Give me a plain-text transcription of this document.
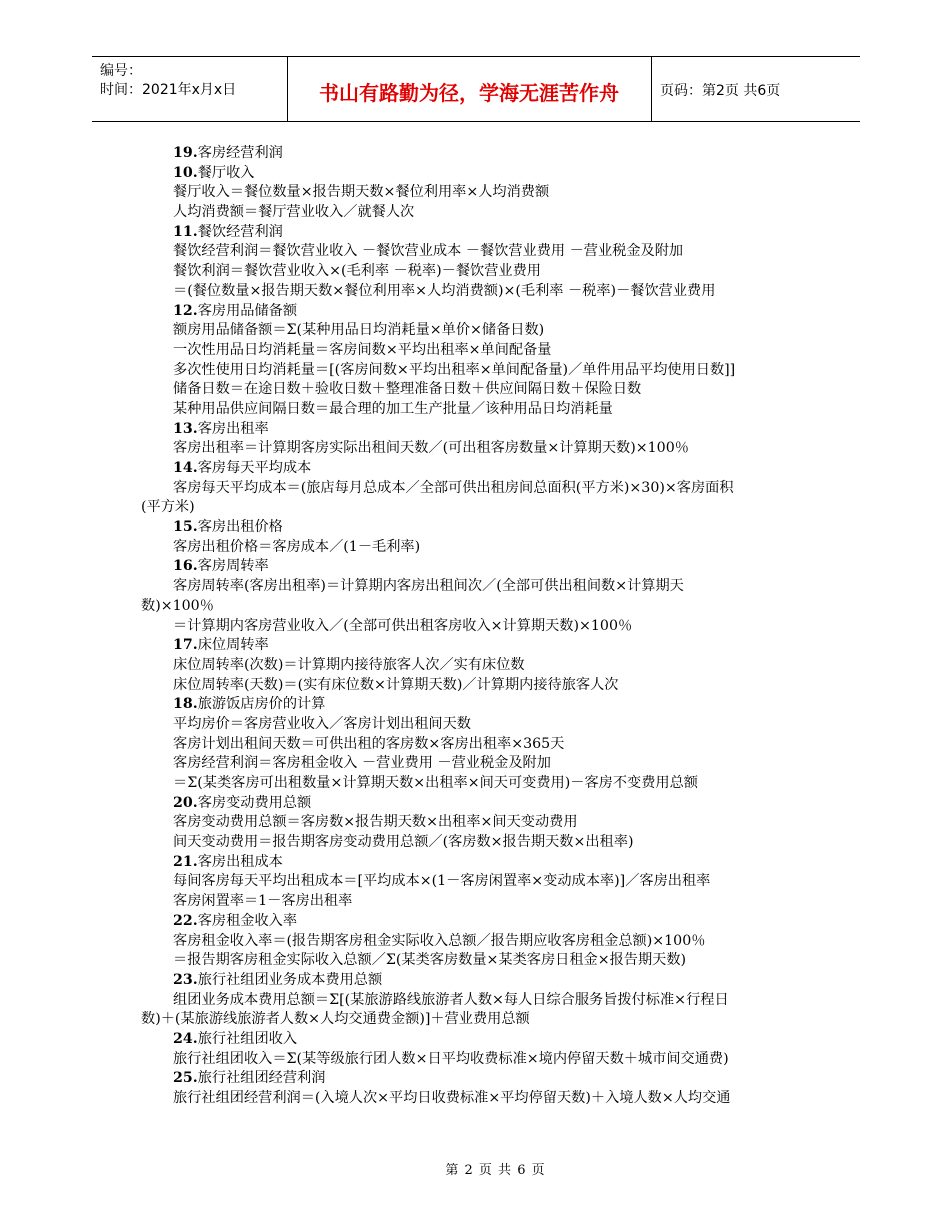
编号：
时间：2021年x月x日	书山有路勤为径，学海无涯苦作舟	页码：第2页 共6页
19.客房经营利润
10.餐厅收入
餐厅收入＝餐位数量×报告期天数×餐位利用率×人均消费额
人均消费额＝餐厅营业收入／就餐人次
11.餐饮经营利润
餐饮经营利润＝餐饮营业收入 －餐饮营业成本 －餐饮营业费用 －营业税金及附加
餐饮利润＝餐饮营业收入×(毛利率 －税率)－餐饮营业费用
＝(餐位数量×报告期天数×餐位利用率×人均消费额)×(毛利率 －税率)－餐饮营业费用
12.客房用品储备额
额房用品储备额＝Σ(某种用品日均消耗量×单价×储备日数)
一次性用品日均消耗量＝客房间数×平均出租率×单间配备量
多次性使用日均消耗量＝[(客房间数×平均出租率×单间配备量)／单件用品平均使用日数]]
储备日数＝在途日数＋验收日数＋整理准备日数＋供应间隔日数＋保险日数
某种用品供应间隔日数＝最合理的加工生产批量／该种用品日均消耗量
13.客房出租率
客房出租率＝计算期客房实际出租间天数／(可出租客房数量×计算期天数)×100％
14.客房每天平均成本
客房每天平均成本＝(旅店每月总成本／全部可供出租房间总面积(平方米)×30)×客房面积
(平方米)
15.客房出租价格
客房出租价格＝客房成本／(1－毛利率)
16.客房周转率
客房周转率(客房出租率)＝计算期内客房出租间次／(全部可供出租间数×计算期天
数)×100％
＝计算期内客房营业收入／(全部可供出租客房收入×计算期天数)×100％
17.床位周转率
床位周转率(次数)＝计算期内接待旅客人次／实有床位数
床位周转率(天数)＝(实有床位数×计算期天数)／计算期内接待旅客人次
18.旅游饭店房价的计算
平均房价＝客房营业收入／客房计划出租间天数
客房计划出租间天数＝可供出租的客房数×客房出租率×365天
客房经营利润＝客房租金收入 －营业费用 －营业税金及附加
＝Σ(某类客房可出租数量×计算期天数×出租率×间天可变费用)－客房不变费用总额
20.客房变动费用总额
客房变动费用总额＝客房数×报告期天数×出租率×间天变动费用
间天变动费用＝报告期客房变动费用总额／(客房数×报告期天数×出租率)
21.客房出租成本
每间客房每天平均出租成本＝[平均成本×(1－客房闲置率×变动成本率)]／客房出租率
客房闲置率＝1－客房出租率
22.客房租金收入率
客房租金收入率＝(报告期客房租金实际收入总额／报告期应收客房租金总额)×100％
＝报告期客房租金实际收入总额／Σ(某类客房数量×某类客房日租金×报告期天数)
23.旅行社组团业务成本费用总额
组团业务成本费用总额＝Σ[(某旅游路线旅游者人数×每人日综合服务旨拨付标准×行程日
数)＋(某旅游线旅游者人数×人均交通费金额)]＋营业费用总额
24.旅行社组团收入
旅行社组团收入＝Σ(某等级旅行团人数×日平均收费标准×境内停留天数＋城市间交通费)
25.旅行社组团经营利润
旅行社组团经营利润＝(入境人次×平均日收费标准×平均停留天数)＋入境人数×人均交通
第 2 页 共 6 页
